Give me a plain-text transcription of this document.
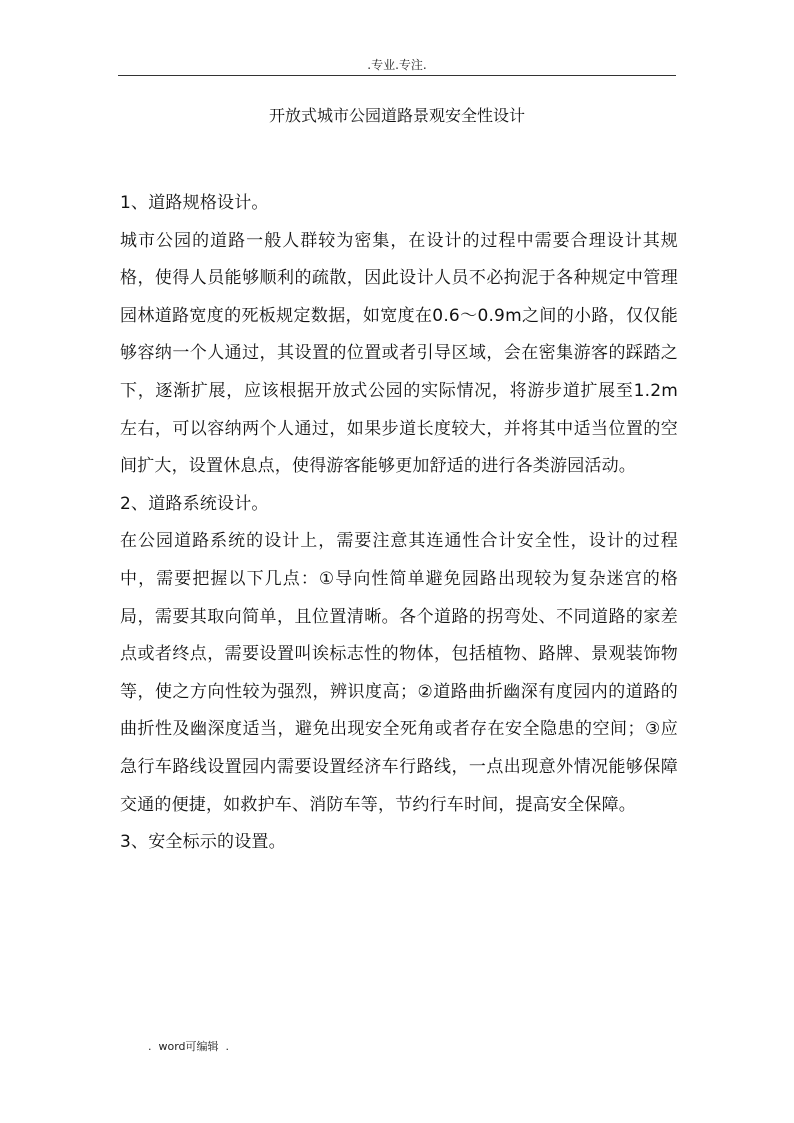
.专业.专注.
开放式城市公园道路景观安全性设计

1、道路规格设计。

城市公园的道路一般人群较为密集，在设计的过程中需要合理设计其规格，使得人员能够顺利的疏散，因此设计人员不必拘泥于各种规定中管理园林道路宽度的死板规定数据，如宽度在0.6～0.9m之间的小路，仅仅能够容纳一个人通过，其设置的位置或者引导区域，会在密集游客的踩踏之下，逐渐扩展，应该根据开放式公园的实际情况，将游步道扩展至1.2m左右，可以容纳两个人通过，如果步道长度较大，并将其中适当位置的空间扩大，设置休息点，使得游客能够更加舒适的进行各类游园活动。

2、道路系统设计。

在公园道路系统的设计上，需要注意其连通性合计安全性，设计的过程中，需要把握以下几点：①导向性简单避免园路出现较为复杂迷宫的格局，需要其取向简单，且位置清晰。各个道路的拐弯处、不同道路的家差点或者终点，需要设置叫诶标志性的物体，包括植物、路牌、景观装饰物等，使之方向性较为强烈，辨识度高；②道路曲折幽深有度园内的道路的曲折性及幽深度适当，避免出现安全死角或者存在安全隐患的空间；③应急行车路线设置园内需要设置经济车行路线，一点出现意外情况能够保障交通的便捷，如救护车、消防车等，节约行车时间，提高安全保障。

3、安全标示的设置。

.  word可编辑  .
